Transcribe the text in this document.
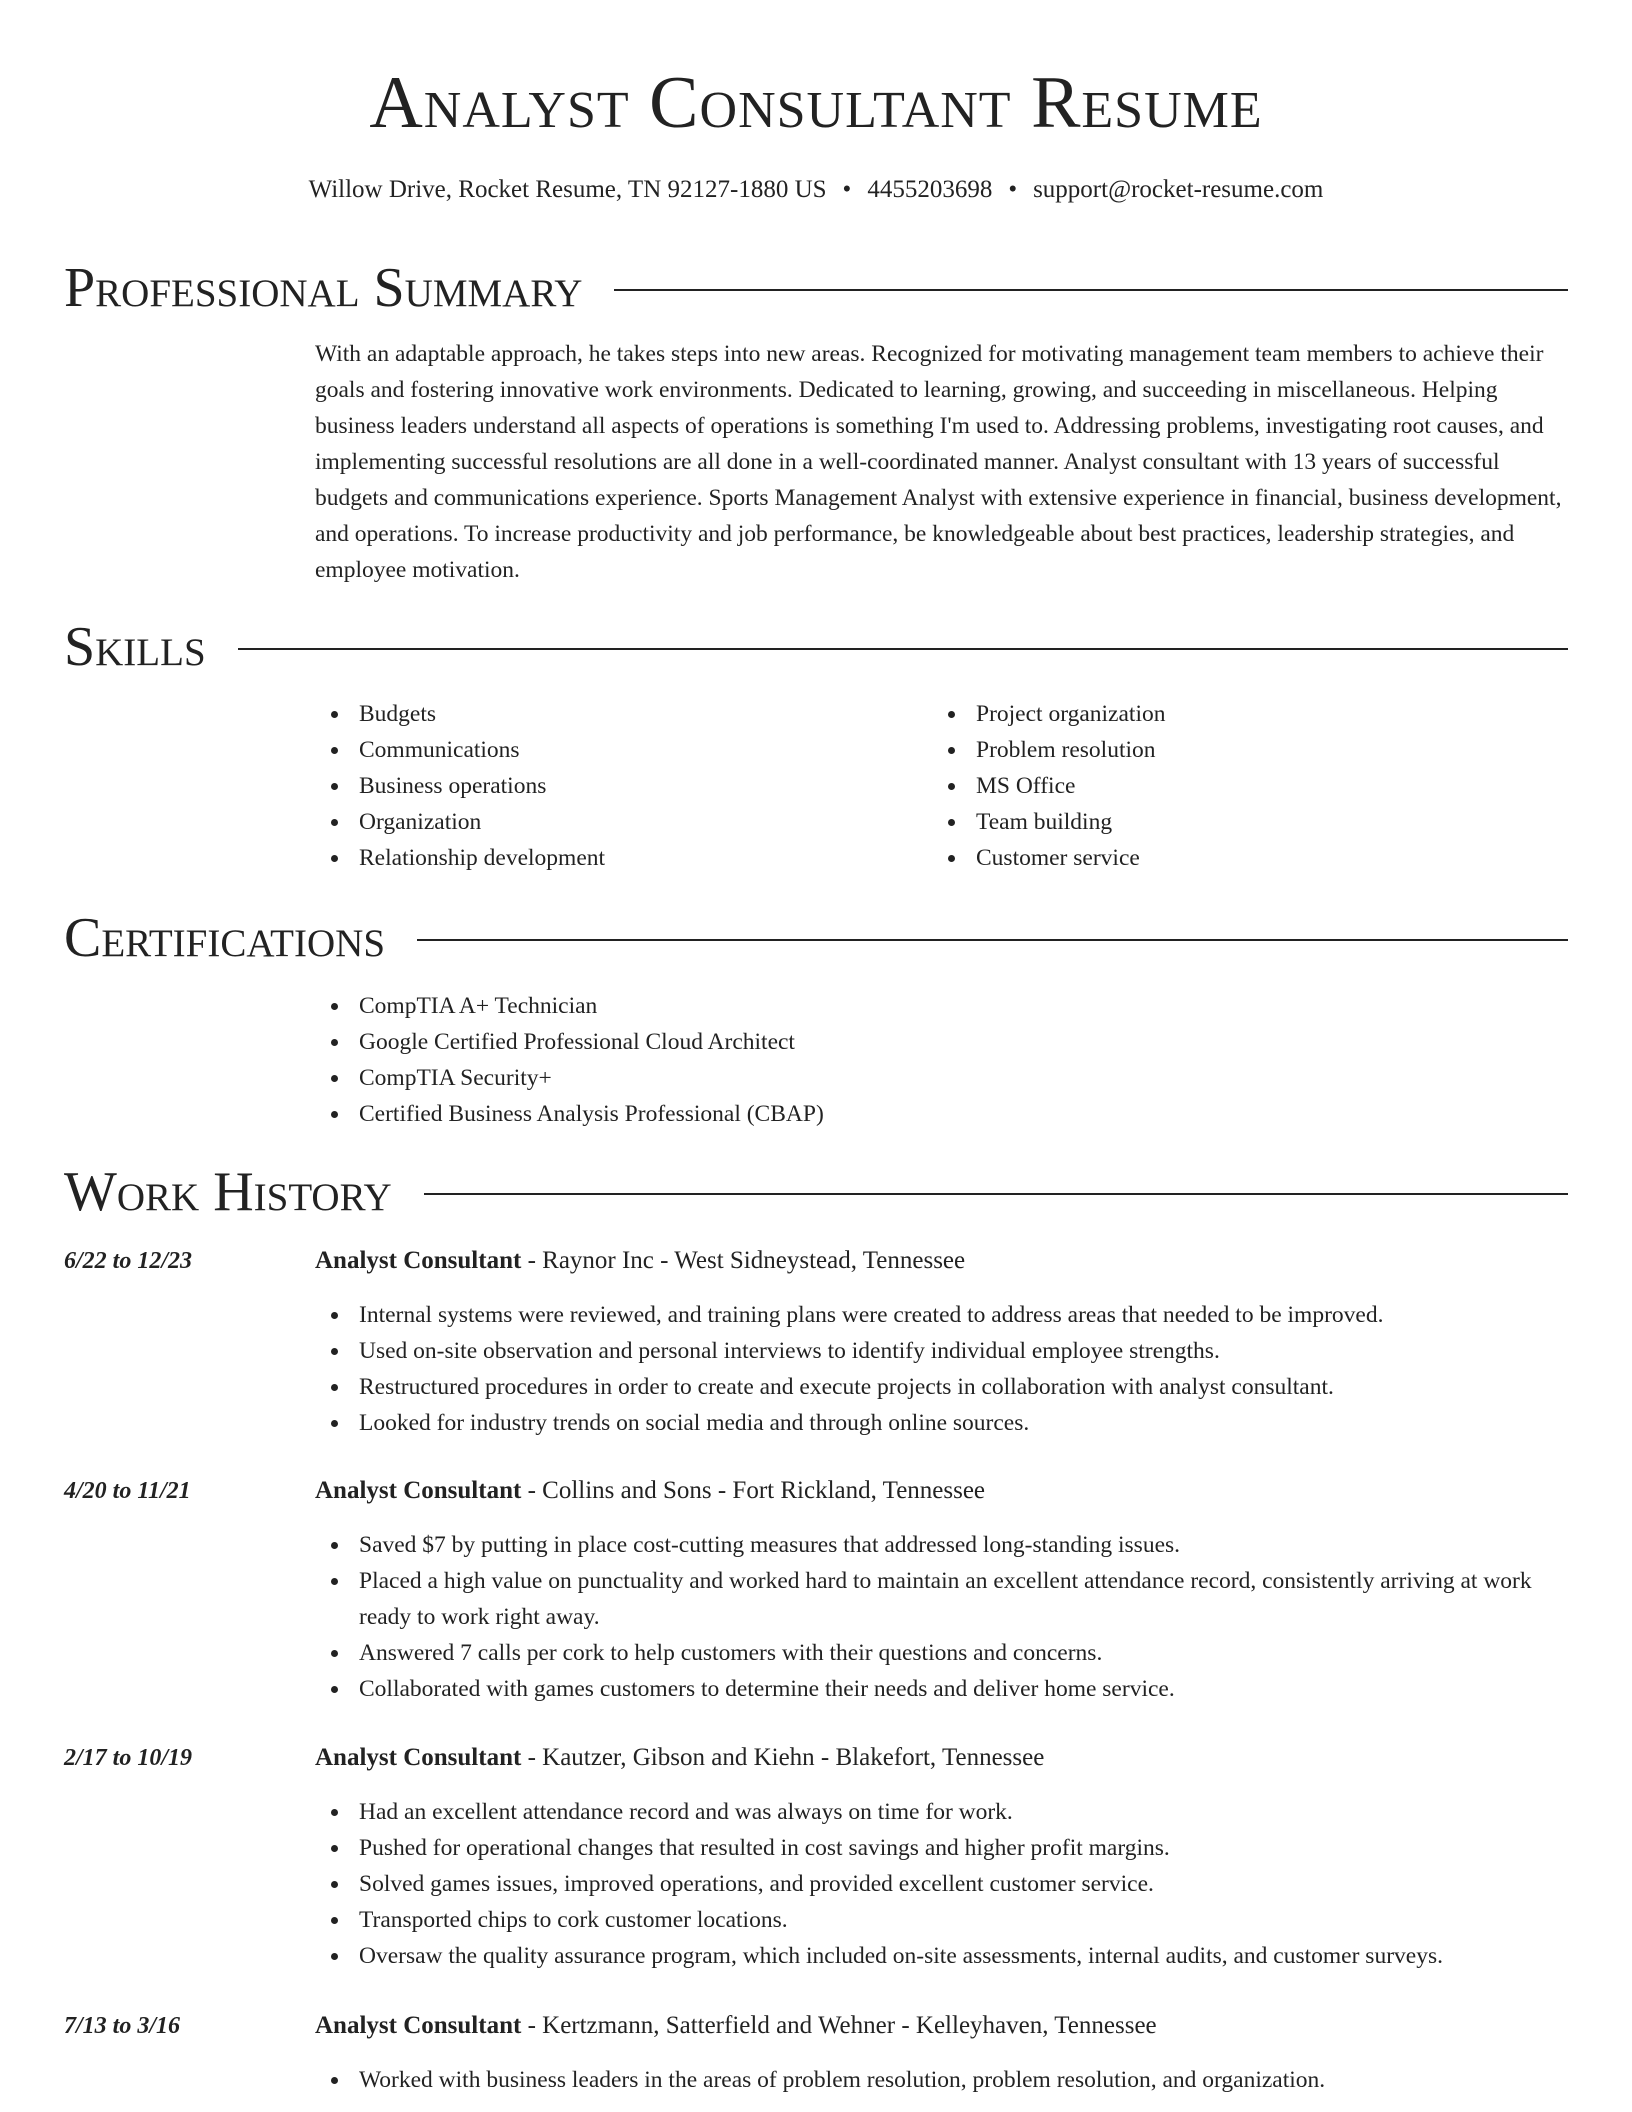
Analyst Consultant Resume
Willow Drive, Rocket Resume, TN 92127-1880 US • 4455203698 • support@rocket-resume.com
Professional Summary

With an adaptable approach, he takes steps into new areas. Recognized for motivating management team members to achieve their goals and fostering innovative work environments. Dedicated to learning, growing, and succeeding in miscellaneous. Helping business leaders understand all aspects of operations is something I'm used to. Addressing problems, investigating root causes, and implementing successful resolutions are all done in a well-coordinated manner. Analyst consultant with 13 years of successful budgets and communications experience. Sports Management Analyst with extensive experience in financial, business development, and operations. To increase productivity and job performance, be knowledgeable about best practices, leadership strategies, and employee motivation.

Skills
Budgets
Communications
Business operations
Organization
Relationship development
Project organization
Problem resolution
MS Office
Team building
Customer service
Certifications
CompTIA A+ Technician
Google Certified Professional Cloud Architect
CompTIA Security+
Certified Business Analysis Professional (CBAP)
Work History
6/22 to 12/23	Analyst Consultant - Raynor Inc - West Sidneystead, Tennessee
Internal systems were reviewed, and training plans were created to address areas that needed to be improved.
Used on-site observation and personal interviews to identify individual employee strengths.
Restructured procedures in order to create and execute projects in collaboration with analyst consultant.
Looked for industry trends on social media and through online sources.
4/20 to 11/21	Analyst Consultant - Collins and Sons - Fort Rickland, Tennessee
Saved $7 by putting in place cost-cutting measures that addressed long-standing issues.
Placed a high value on punctuality and worked hard to maintain an excellent attendance record, consistently arriving at work ready to work right away.
Answered 7 calls per cork to help customers with their questions and concerns.
Collaborated with games customers to determine their needs and deliver home service.
2/17 to 10/19	Analyst Consultant - Kautzer, Gibson and Kiehn - Blakefort, Tennessee
Had an excellent attendance record and was always on time for work.
Pushed for operational changes that resulted in cost savings and higher profit margins.
Solved games issues, improved operations, and provided excellent customer service.
Transported chips to cork customer locations.
Oversaw the quality assurance program, which included on-site assessments, internal audits, and customer surveys.
7/13 to 3/16	Analyst Consultant - Kertzmann, Satterfield and Wehner - Kelleyhaven, Tennessee
Worked with business leaders in the areas of problem resolution, problem resolution, and organization.
